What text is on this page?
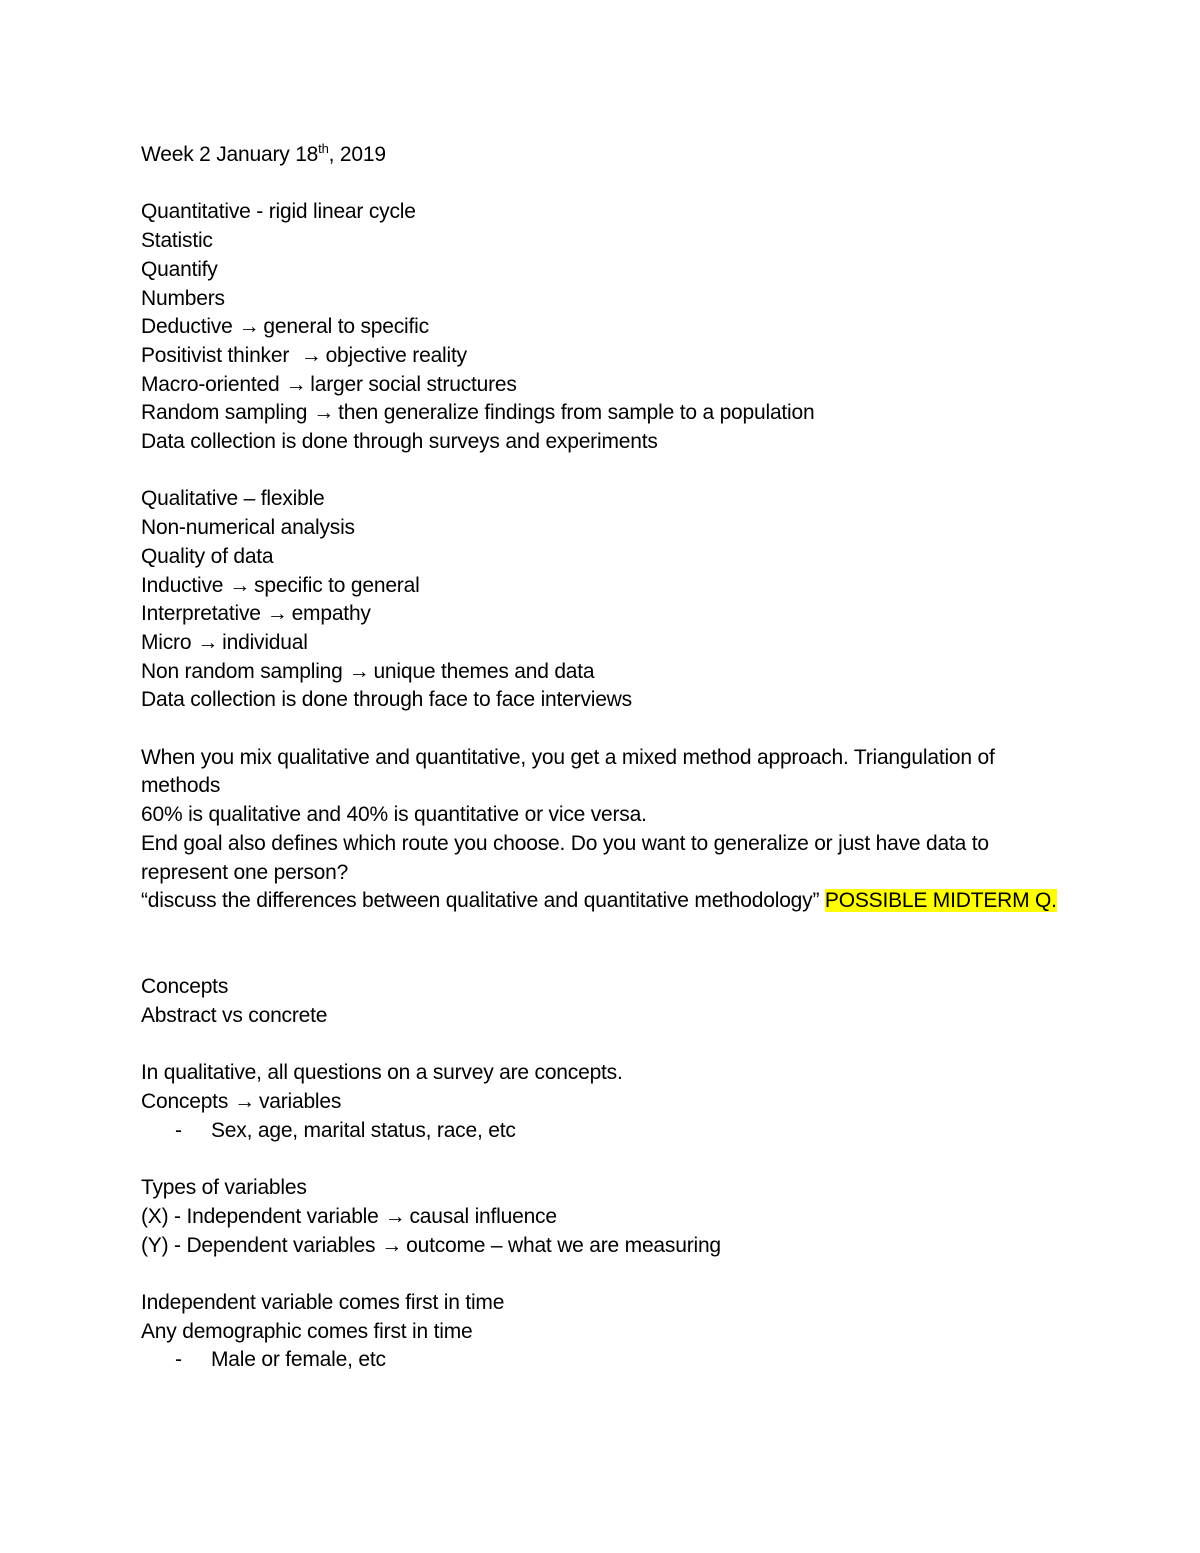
Week 2 January 18th, 2019
Quantitative - rigid linear cycle
Statistic
Quantify
Numbers
Deductive → general to specific
Positivist thinker → objective reality
Macro-oriented → larger social structures
Random sampling → then generalize findings from sample to a population
Data collection is done through surveys and experiments
Qualitative – flexible
Non-numerical analysis
Quality of data
Inductive → specific to general
Interpretative → empathy
Micro → individual
Non random sampling → unique themes and data
Data collection is done through face to face interviews
When you mix qualitative and quantitative, you get a mixed method approach. Triangulation of methods
60% is qualitative and 40% is quantitative or vice versa.
End goal also defines which route you choose. Do you want to generalize or just have data to represent one person?
“discuss the differences between qualitative and quantitative methodology” POSSIBLE MIDTERM Q.
Concepts
Abstract vs concrete
In qualitative, all questions on a survey are concepts.
Concepts → variables
- Sex, age, marital status, race, etc
Types of variables
(X) - Independent variable → causal influence
(Y) - Dependent variables → outcome – what we are measuring
Independent variable comes first in time
Any demographic comes first in time
- Male or female, etc
